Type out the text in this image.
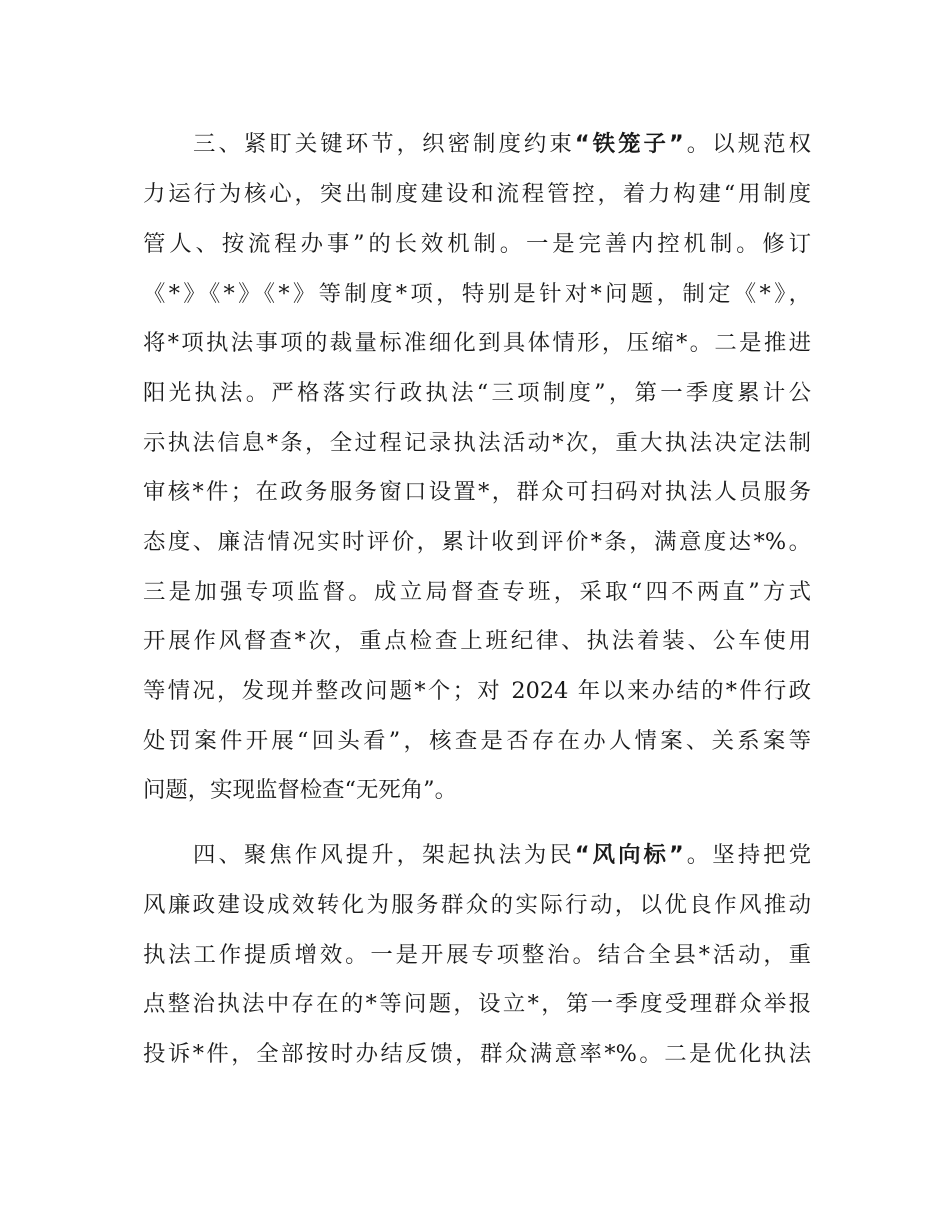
三、紧盯关键环节，织密制度约束“铁笼子”。以规范权
力运行为核心，突出制度建设和流程管控，着力构建“用制度
管人、按流程办事”的长效机制。一是完善内控机制。修订
《*》《*》《*》等制度*项，特别是针对*问题，制定《*》，
将*项执法事项的裁量标准细化到具体情形，压缩*。二是推进
阳光执法。严格落实行政执法“三项制度”，第一季度累计公
示执法信息*条，全过程记录执法活动*次，重大执法决定法制
审核*件；在政务服务窗口设置*，群众可扫码对执法人员服务
态度、廉洁情况实时评价，累计收到评价*条，满意度达*%。
三是加强专项监督。成立局督查专班，采取“四不两直”方式
开展作风督查*次，重点检查上班纪律、执法着装、公车使用
等情况，发现并整改问题*个；对 2024 年以来办结的*件行政
处罚案件开展“回头看”，核查是否存在办人情案、关系案等
问题，实现监督检查“无死角”。
四、聚焦作风提升，架起执法为民“风向标”。坚持把党
风廉政建设成效转化为服务群众的实际行动，以优良作风推动
执法工作提质增效。一是开展专项整治。结合全县*活动，重
点整治执法中存在的*等问题，设立*，第一季度受理群众举报
投诉*件，全部按时办结反馈，群众满意率*%。二是优化执法
